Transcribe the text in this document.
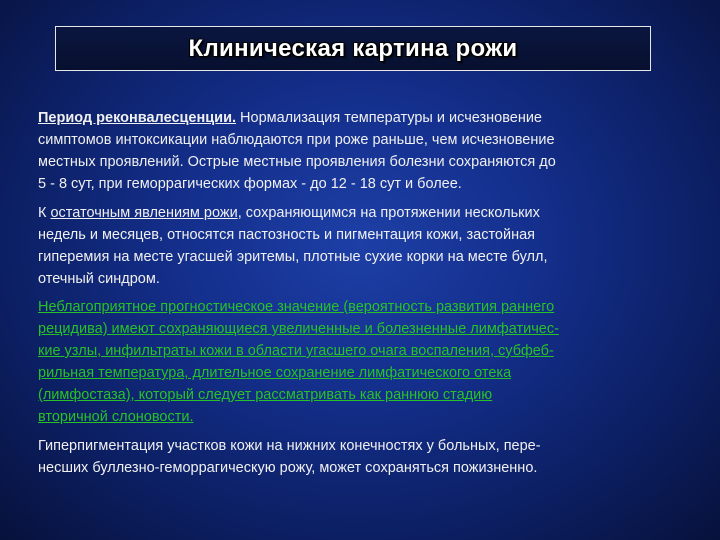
Клиническая картина рожи
Период реконвалесценции. Нормализация температуры и исчезновение
симптомов интоксикации наблюдаются при роже раньше, чем исчезновение
местных проявлений. Острые местные проявления болезни сохраняются до
5 - 8 сут, при геморрагических формах - до 12 - 18 сут и более.
К остаточным явлениям рожи, сохраняющимся на протяжении нескольких
недель и месяцев, относятся пастозность и пигментация кожи, застойная
гиперемия на месте угасшей эритемы, плотные сухие корки на месте булл,
отечный синдром.
Неблагоприятное прогностическое значение (вероятность развития раннего
рецидива) имеют сохраняющиеся увеличенные и болезненные лимфатичес-
кие узлы, инфильтраты кожи в области угасшего очага воспаления, субфеб-
рильная температура, длительное сохранение лимфатического отека
(лимфостаза), который следует рассматривать как раннюю стадию
вторичной слоновости.
Гиперпигментация участков кожи на нижних конечностях у больных, пере-
несших буллезно-геморрагическую рожу, может сохраняться пожизненно.
